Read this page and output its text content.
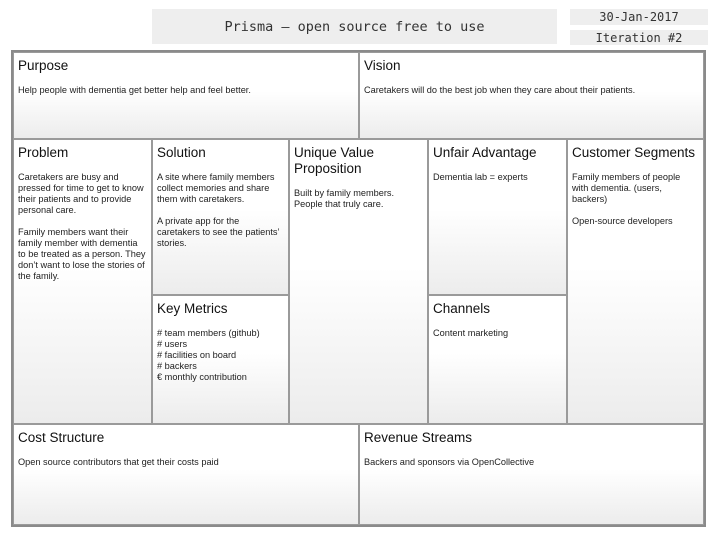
Prisma – open source free to use
30-Jan-2017
Iteration #2
Purpose

Help people with dementia get better help and feel better.

Vision

Caretakers will do the best job when they care about their patients.

Problem

Caretakers are busy and pressed for time to get to know their patients and to provide personal care.

Family members want their family member with dementia to be treated as a person. They don’t want to lose the stories of the family.

Solution

A site where family members collect memories and share them with caretakers.

A private app for the caretakers to see the patients’ stories.

Key Metrics

# team members (github)

# users

# facilities on board

# backers

€ monthly contribution

Unique Value Proposition

Built by family members.

People that truly care.

Unfair Advantage

Dementia lab = experts

Channels

Content marketing

Customer Segments

Family members of people with dementia. (users, backers)

Open-source developers

Cost Structure

Open source contributors that get their costs paid

Revenue Streams

Backers and sponsors via OpenCollective
